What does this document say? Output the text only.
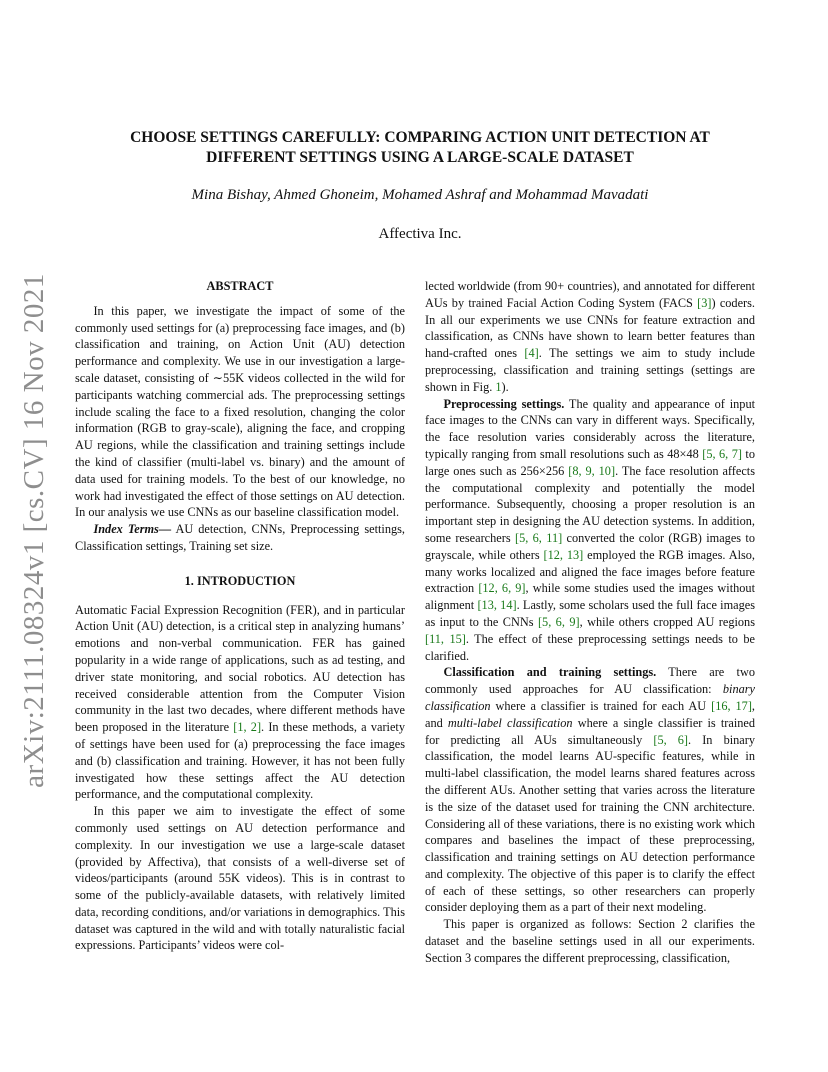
arXiv:2111.08324v1 [cs.CV] 16 Nov 2021
CHOOSE SETTINGS CAREFULLY: COMPARING ACTION UNIT DETECTION AT DIFFERENT SETTINGS USING A LARGE-SCALE DATASET
Mina Bishay, Ahmed Ghoneim, Mohamed Ashraf and Mohammad Mavadati
Affectiva Inc.
ABSTRACT

In this paper, we investigate the impact of some of the commonly used settings for (a) preprocessing face images, and (b) classification and training, on Action Unit (AU) detection performance and complexity. We use in our investigation a large-scale dataset, consisting of ∼55K videos collected in the wild for participants watching commercial ads. The preprocessing settings include scaling the face to a fixed resolution, changing the color information (RGB to gray-scale), aligning the face, and cropping AU regions, while the classification and training settings include the kind of classifier (multi-label vs. binary) and the amount of data used for training models. To the best of our knowledge, no work had investigated the effect of those settings on AU detection. In our analysis we use CNNs as our baseline classification model.

Index Terms— AU detection, CNNs, Preprocessing settings, Classification settings, Training set size.

1. INTRODUCTION

Automatic Facial Expression Recognition (FER), and in particular Action Unit (AU) detection, is a critical step in analyzing humans’ emotions and non-verbal communication. FER has gained popularity in a wide range of applications, such as ad testing, and driver state monitoring, and social robotics. AU detection has received considerable attention from the Computer Vision community in the last two decades, where different methods have been proposed in the literature [1, 2]. In these methods, a variety of settings have been used for (a) preprocessing the face images and (b) classification and training. However, it has not been fully investigated how these settings affect the AU detection performance, and the computational complexity.

In this paper we aim to investigate the effect of some commonly used settings on AU detection performance and complexity. In our investigation we use a large-scale dataset (provided by Affectiva), that consists of a well-diverse set of videos/participants (around 55K videos). This is in contrast to some of the publicly-available datasets, with relatively limited data, recording conditions, and/or variations in demographics. This dataset was captured in the wild and with totally naturalistic facial expressions. Participants’ videos were col-

lected worldwide (from 90+ countries), and annotated for different AUs by trained Facial Action Coding System (FACS [3]) coders. In all our experiments we use CNNs for feature extraction and classification, as CNNs have shown to learn better features than hand-crafted ones [4]. The settings we aim to study include preprocessing, classification and training settings (settings are shown in Fig. 1).

Preprocessing settings. The quality and appearance of input face images to the CNNs can vary in different ways. Specifically, the face resolution varies considerably across the literature, typically ranging from small resolutions such as 48×48 [5, 6, 7] to large ones such as 256×256 [8, 9, 10]. The face resolution affects the computational complexity and potentially the model performance. Subsequently, choosing a proper resolution is an important step in designing the AU detection systems. In addition, some researchers [5, 6, 11] converted the color (RGB) images to grayscale, while others [12, 13] employed the RGB images. Also, many works localized and aligned the face images before feature extraction [12, 6, 9], while some studies used the images without alignment [13, 14]. Lastly, some scholars used the full face images as input to the CNNs [5, 6, 9], while others cropped AU regions [11, 15]. The effect of these preprocessing settings needs to be clarified.

Classification and training settings. There are two commonly used approaches for AU classification: binary classification where a classifier is trained for each AU [16, 17], and multi-label classification where a single classifier is trained for predicting all AUs simultaneously [5, 6]. In binary classification, the model learns AU-specific features, while in multi-label classification, the model learns shared features across the different AUs. Another setting that varies across the literature is the size of the dataset used for training the CNN architecture. Considering all of these variations, there is no existing work which compares and baselines the impact of these preprocessing, classification and training settings on AU detection performance and complexity. The objective of this paper is to clarify the effect of each of these settings, so other researchers can properly consider deploying them as a part of their next modeling.

This paper is organized as follows: Section 2 clarifies the dataset and the baseline settings used in all our experiments. Section 3 compares the different preprocessing, classification,
